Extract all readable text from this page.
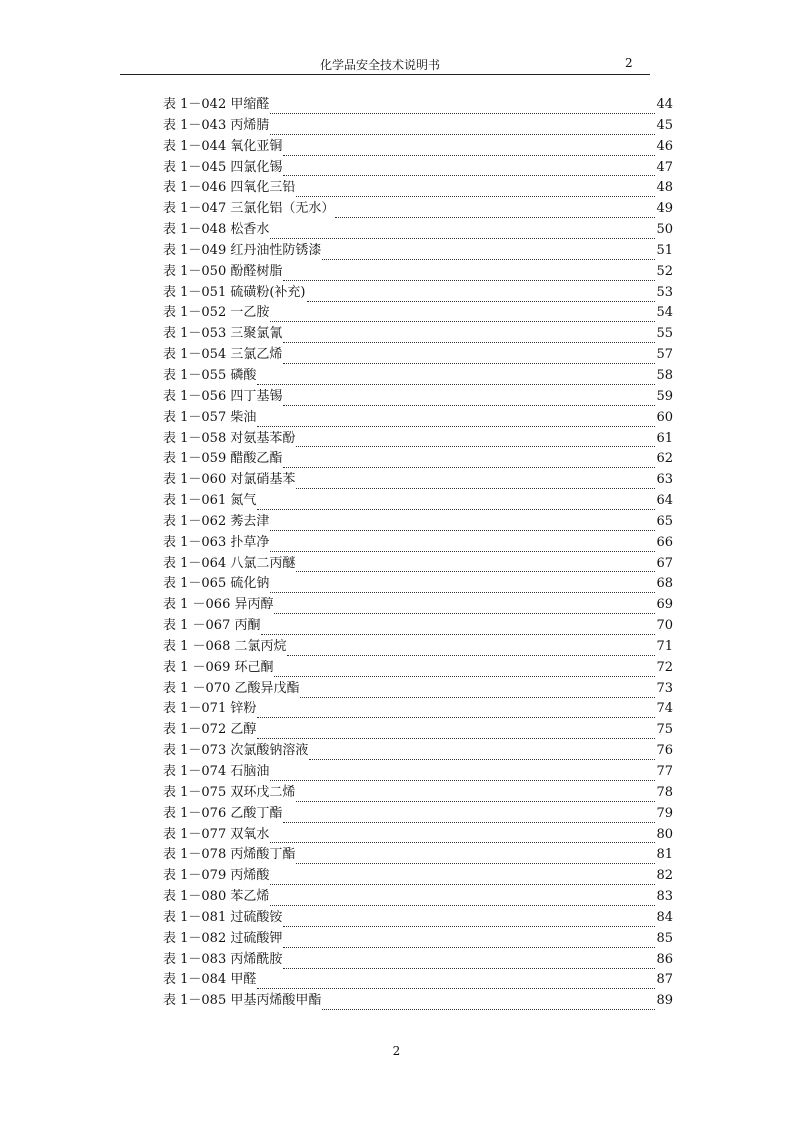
化学品安全技术说明书	2
表 1－042 甲缩醛	44
表 1－043 丙烯腈	45
表 1－044 氧化亚铜	46
表 1－045 四氯化锡	47
表 1－046 四氧化三铅	48
表 1－047 三氯化铝（无水）	49
表 1－048 松香水	50
表 1－049 红丹油性防锈漆	51
表 1－050 酚醛树脂	52
表 1－051 硫磺粉(补充)	53
表 1－052 一乙胺	54
表 1－053 三聚氯氰	55
表 1－054 三氯乙烯	57
表 1－055 磷酸	58
表 1－056 四丁基锡	59
表 1－057 柴油	60
表 1－058 对氨基苯酚	61
表 1－059 醋酸乙酯	62
表 1－060 对氯硝基苯	63
表 1－061 氮气	64
表 1－062 莠去津	65
表 1－063 扑草净	66
表 1－064 八氯二丙醚	67
表 1－065 硫化钠	68
表 1 －066 异丙醇	69
表 1 －067 丙酮	70
表 1 －068 二氯丙烷	71
表 1 －069 环己酮	72
表 1 －070 乙酸异戊酯	73
表 1－071 锌粉	74
表 1－072 乙醇	75
表 1－073 次氯酸钠溶液	76
表 1－074 石脑油	77
表 1－075 双环戊二烯	78
表 1－076 乙酸丁酯	79
表 1－077 双氧水	80
表 1－078 丙烯酸丁酯	81
表 1－079 丙烯酸	82
表 1－080 苯乙烯	83
表 1－081 过硫酸铵	84
表 1－082 过硫酸钾	85
表 1－083 丙烯酰胺	86
表 1－084 甲醛	87
表 1－085 甲基丙烯酸甲酯	89
2
